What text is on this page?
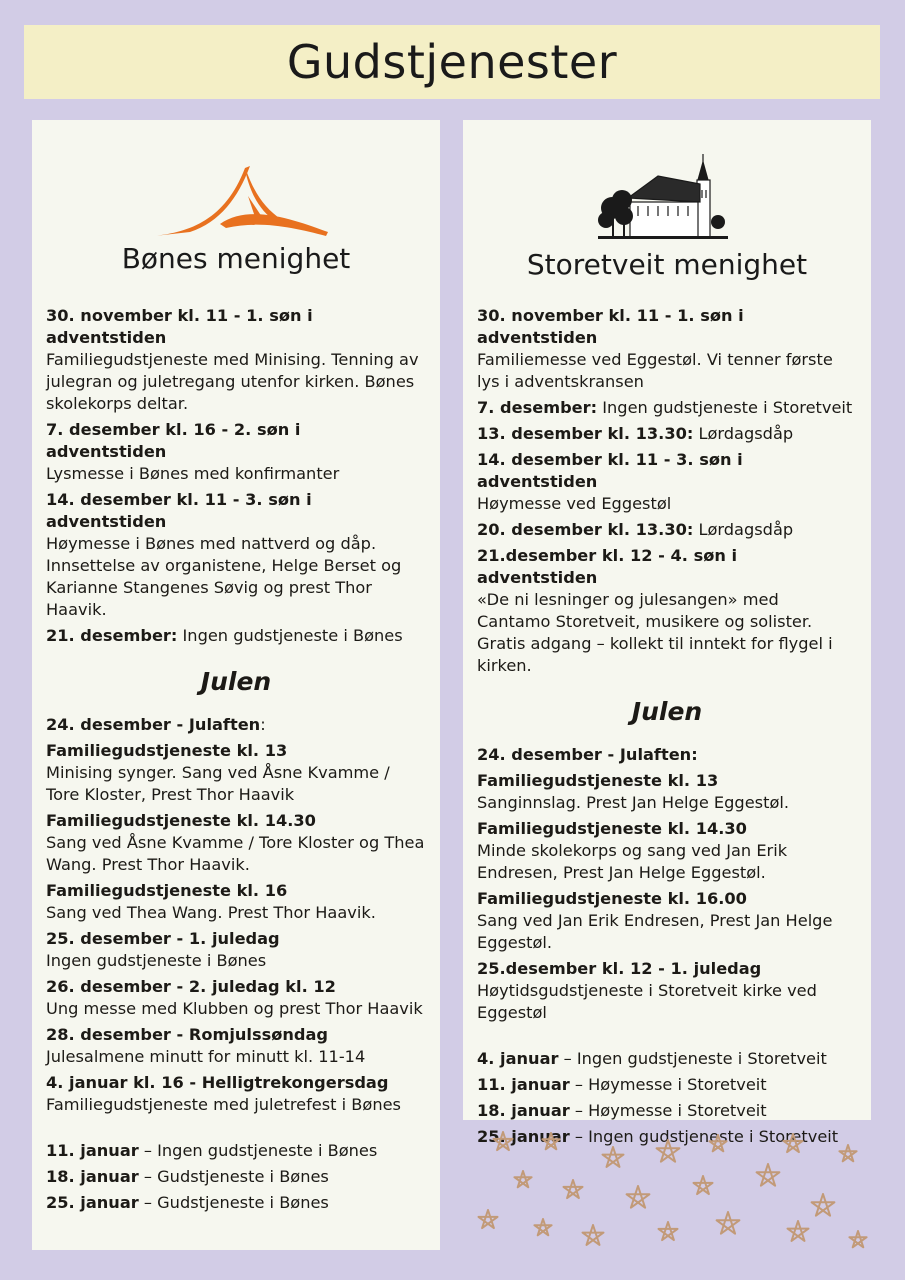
Gudstjenester
Bønes menighet
30. november kl. 11 - 1. søn i adventstiden
Familiegudstjeneste med Minising. Tenning av julegran og juletregang utenfor kirken. Bønes skolekorps deltar.
7. desember kl. 16 - 2. søn i adventstiden
Lysmesse i Bønes med konfirmanter
14. desember kl. 11 - 3. søn i adventstiden
Høymesse i Bønes med nattverd og dåp. Innsettelse av organistene, Helge Berset og Karianne Stangenes Søvig og prest Thor Haavik.
21. desember: Ingen gudstjeneste i Bønes
Julen
24. desember - Julaften:
Familiegudstjeneste kl. 13
Minising synger. Sang ved Åsne Kvamme / Tore Kloster, Prest Thor Haavik
Familiegudstjeneste kl. 14.30
Sang ved Åsne Kvamme / Tore Kloster og Thea Wang. Prest Thor Haavik.
Familiegudstjeneste kl. 16
Sang ved Thea Wang. Prest Thor Haavik.
25. desember - 1. juledag
Ingen gudstjeneste i Bønes
26. desember - 2. juledag kl. 12
Ung messe med Klubben og prest Thor Haavik
28. desember - Romjulssøndag
Julesalmene minutt for minutt kl. 11-14
4. januar kl. 16 - Helligtrekongersdag
Familiegudstjeneste med juletrefest i Bønes
11. januar – Ingen gudstjeneste i Bønes
18. januar – Gudstjeneste i Bønes
25. januar – Gudstjeneste i Bønes
Storetveit menighet
30. november kl. 11 - 1. søn i adventstiden
Familiemesse ved Eggestøl. Vi tenner første lys i adventskransen
7. desember: Ingen gudstjeneste i Storetveit
13. desember kl. 13.30: Lørdagsdåp
14. desember kl. 11 - 3. søn i adventstiden
Høymesse ved Eggestøl
20. desember kl. 13.30: Lørdagsdåp
21.desember kl. 12 - 4. søn i adventstiden
«De ni lesninger og julesangen» med Cantamo Storetveit, musikere og solister. Gratis adgang – kollekt til inntekt for flygel i kirken.
Julen
24. desember - Julaften:
Familiegudstjeneste kl. 13
Sanginnslag. Prest Jan Helge Eggestøl.
Familiegudstjeneste kl. 14.30
Minde skolekorps og sang ved Jan Erik Endresen, Prest Jan Helge Eggestøl.
Familiegudstjeneste kl. 16.00
Sang ved Jan Erik Endresen, Prest Jan Helge Eggestøl.
25.desember kl. 12 - 1. juledag
Høytidsgudstjeneste i Storetveit kirke ved Eggestøl
4. januar – Ingen gudstjeneste i Storetveit
11. januar – Høymesse i Storetveit
18. januar – Høymesse i Storetveit
25. januar – Ingen gudstjeneste i Storetveit
